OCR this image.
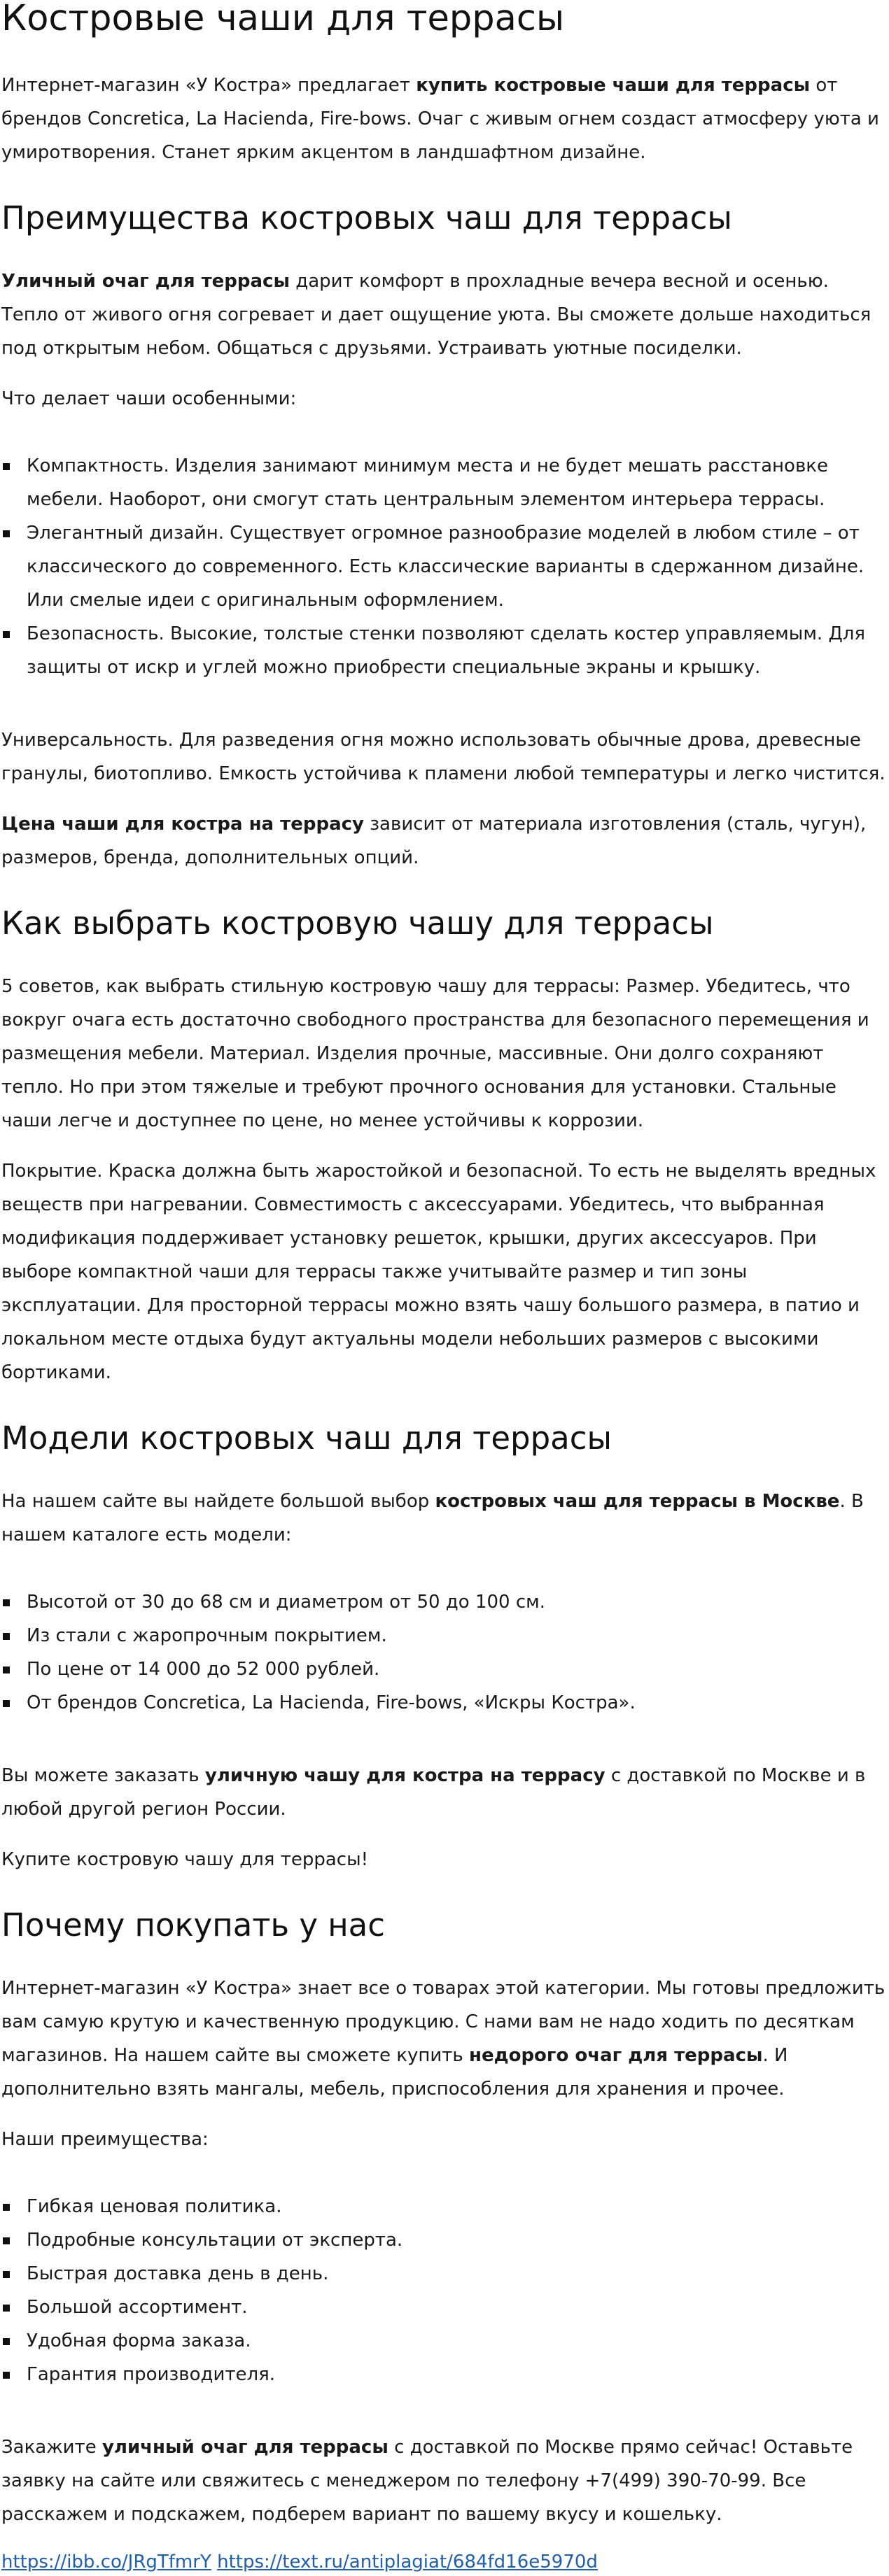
Костровые чаши для террасы

Интернет-магазин «У Костра» предлагает купить костровые чаши для террасы от брендов Concretica, La Hacienda, Fire-bows. Очаг с живым огнем создаст атмосферу уюта и умиротворения. Станет ярким акцентом в ландшафтном дизайне.

Преимущества костровых чаш для террасы

Уличный очаг для террасы дарит комфорт в прохладные вечера весной и осенью. Тепло от живого огня согревает и дает ощущение уюта. Вы сможете дольше находиться под открытым небом. Общаться с друзьями. Устраивать уютные посиделки.

Что делает чаши особенными:

Компактность. Изделия занимают минимум места и не будет мешать расстановке мебели. Наоборот, они смогут стать центральным элементом интерьера террасы.
Элегантный дизайн. Существует огромное разнообразие моделей в любом стиле – от классического до современного. Есть классические варианты в сдержанном дизайне. Или смелые идеи с оригинальным оформлением.
Безопасность. Высокие, толстые стенки позволяют сделать костер управляемым. Для защиты от искр и углей можно приобрести специальные экраны и крышку.

Универсальность. Для разведения огня можно использовать обычные дрова, древесные гранулы, биотопливо. Емкость устойчива к пламени любой температуры и легко чистится.

Цена чаши для костра на террасу зависит от материала изготовления (сталь, чугун), размеров, бренда, дополнительных опций.

Как выбрать костровую чашу для террасы

5 советов, как выбрать стильную костровую чашу для террасы: Размер. Убедитесь, что вокруг очага есть достаточно свободного пространства для безопасного перемещения и размещения мебели. Материал. Изделия прочные, массивные. Они долго сохраняют тепло. Но при этом тяжелые и требуют прочного основания для установки. Стальные чаши легче и доступнее по цене, но менее устойчивы к коррозии.

Покрытие. Краска должна быть жаростойкой и безопасной. То есть не выделять вредных веществ при нагревании. Совместимость с аксессуарами. Убедитесь, что выбранная модификация поддерживает установку решеток, крышки, других аксессуаров. При выборе компактной чаши для террасы также учитывайте размер и тип зоны эксплуатации. Для просторной террасы можно взять чашу большого размера, в патио и локальном месте отдыха будут актуальны модели небольших размеров с высокими бортиками.

Модели костровых чаш для террасы

На нашем сайте вы найдете большой выбор костровых чаш для террасы в Москве. В нашем каталоге есть модели:

Высотой от 30 до 68 см и диаметром от 50 до 100 см.
Из стали с жаропрочным покрытием.
По цене от 14 000 до 52 000 рублей.
От брендов Concretica, La Hacienda, Fire-bows, «Искры Костра».

Вы можете заказать уличную чашу для костра на террасу с доставкой по Москве и в любой другой регион России.

Купите костровую чашу для террасы!

Почему покупать у нас

Интернет-магазин «У Костра» знает все о товарах этой категории. Мы готовы предложить вам самую крутую и качественную продукцию. С нами вам не надо ходить по десяткам магазинов. На нашем сайте вы сможете купить недорого очаг для террасы. И дополнительно взять мангалы, мебель, приспособления для хранения и прочее.

Наши преимущества:

Гибкая ценовая политика.
Подробные консультации от эксперта.
Быстрая доставка день в день.
Большой ассортимент.
Удобная форма заказа.
Гарантия производителя.

Закажите уличный очаг для террасы с доставкой по Москве прямо сейчас! Оставьте заявку на сайте или свяжитесь с менеджером по телефону +7(499) 390-70-99. Все расскажем и подскажем, подберем вариант по вашему вкусу и кошельку.

https://ibb.co/JRgTfmrY https://text.ru/antiplagiat/684fd16e5970d
